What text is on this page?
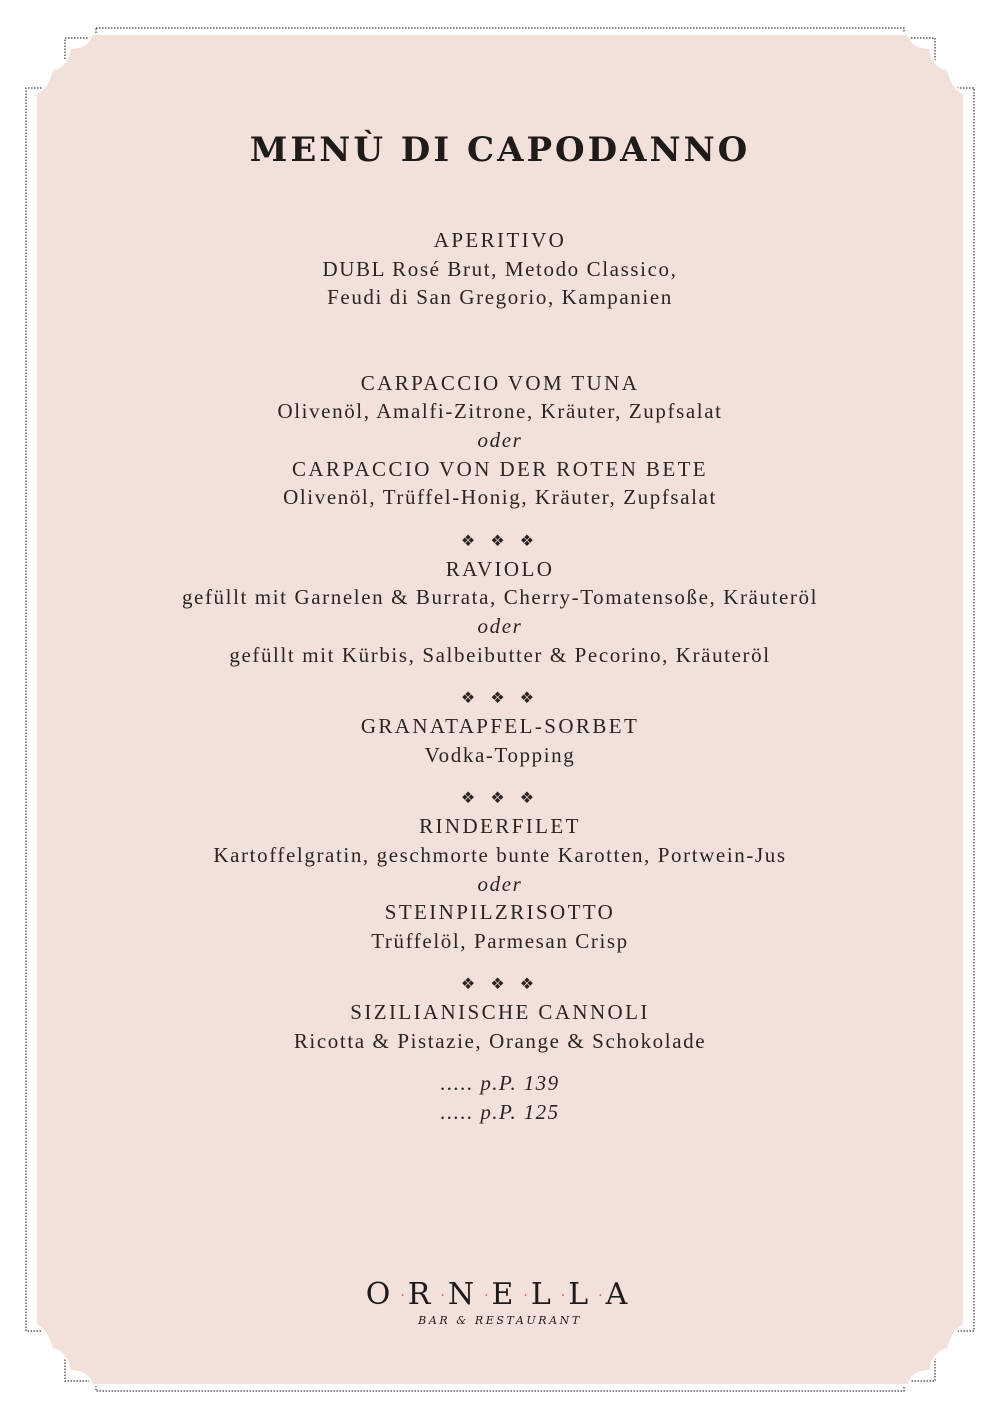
MENÙ DI CAPODANNO
APERITIVO
DUBL Rosé Brut, Metodo Classico,
Feudi di San Gregorio, Kampanien
CARPACCIO VOM TUNA
Olivenöl, Amalfi-Zitrone, Kräuter, Zupfsalat
oder
CARPACCIO VON DER ROTEN BETE
Olivenöl, Trüffel-Honig, Kräuter, Zupfsalat
❖ ❖ ❖
RAVIOLO
gefüllt mit Garnelen & Burrata, Cherry-Tomatensoße, Kräuteröl
oder
gefüllt mit Kürbis, Salbeibutter & Pecorino, Kräuteröl
❖ ❖ ❖
GRANATAPFEL-SORBET
Vodka-Topping
❖ ❖ ❖
RINDERFILET
Kartoffelgratin, geschmorte bunte Karotten, Portwein-Jus
oder
STEINPILZRISOTTO
Trüffelöl, Parmesan Crisp
❖ ❖ ❖
SIZILIANISCHE CANNOLI
Ricotta & Pistazie, Orange & Schokolade
..... p.P. 139
..... p.P. 125
O · R · N · E · L · L · A
BAR & RESTAURANT
